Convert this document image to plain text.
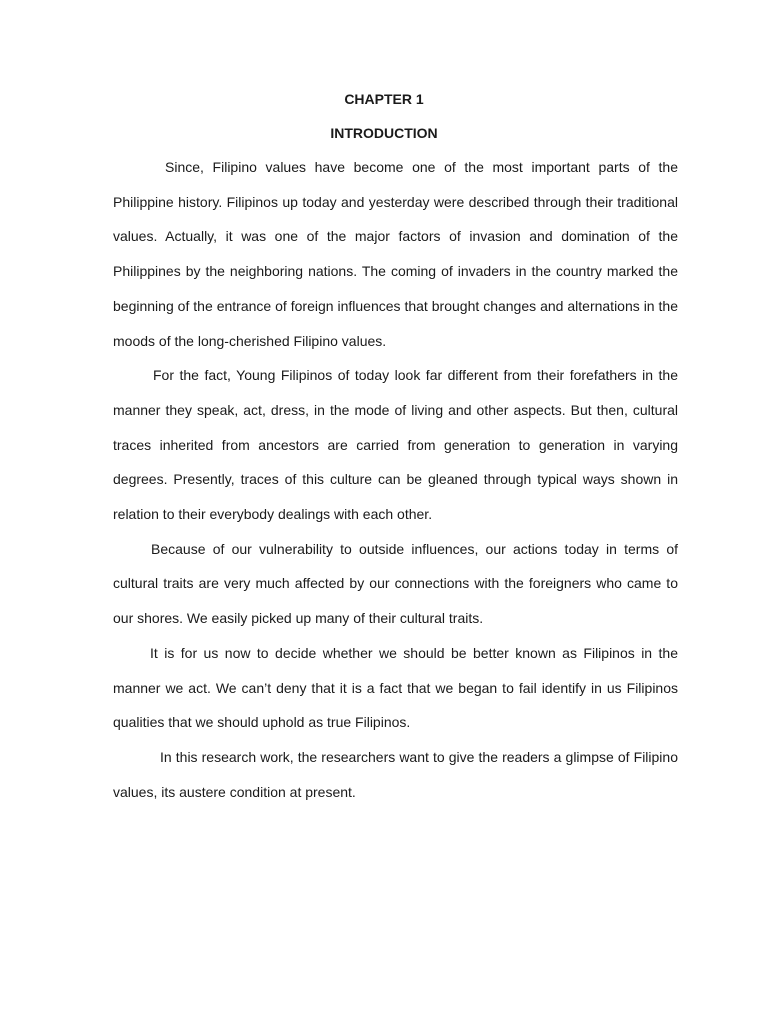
CHAPTER 1
INTRODUCTION

Since, Filipino values have become one of the most important parts of the Philippine history. Filipinos up today and yesterday were described through their traditional values. Actually, it was one of the major factors of invasion and domination of the Philippines by the neighboring nations. The coming of invaders in the country marked the beginning of the entrance of foreign influences that brought changes and alternations in the moods of the long-cherished Filipino values.

For the fact, Young Filipinos of today look far different from their forefathers in the manner they speak, act, dress, in the mode of living and other aspects. But then, cultural traces inherited from ancestors are carried from generation to generation in varying degrees. Presently, traces of this culture can be gleaned through typical ways shown in relation to their everybody dealings with each other.

Because of our vulnerability to outside influences, our actions today in terms of cultural traits are very much affected by our connections with the foreigners who came to our shores. We easily picked up many of their cultural traits.

It is for us now to decide whether we should be better known as Filipinos in the manner we act. We can’t deny that it is a fact that we began to fail identify in us Filipinos qualities that we should uphold as true Filipinos.

In this research work, the researchers want to give the readers a glimpse of Filipino values, its austere condition at present.
